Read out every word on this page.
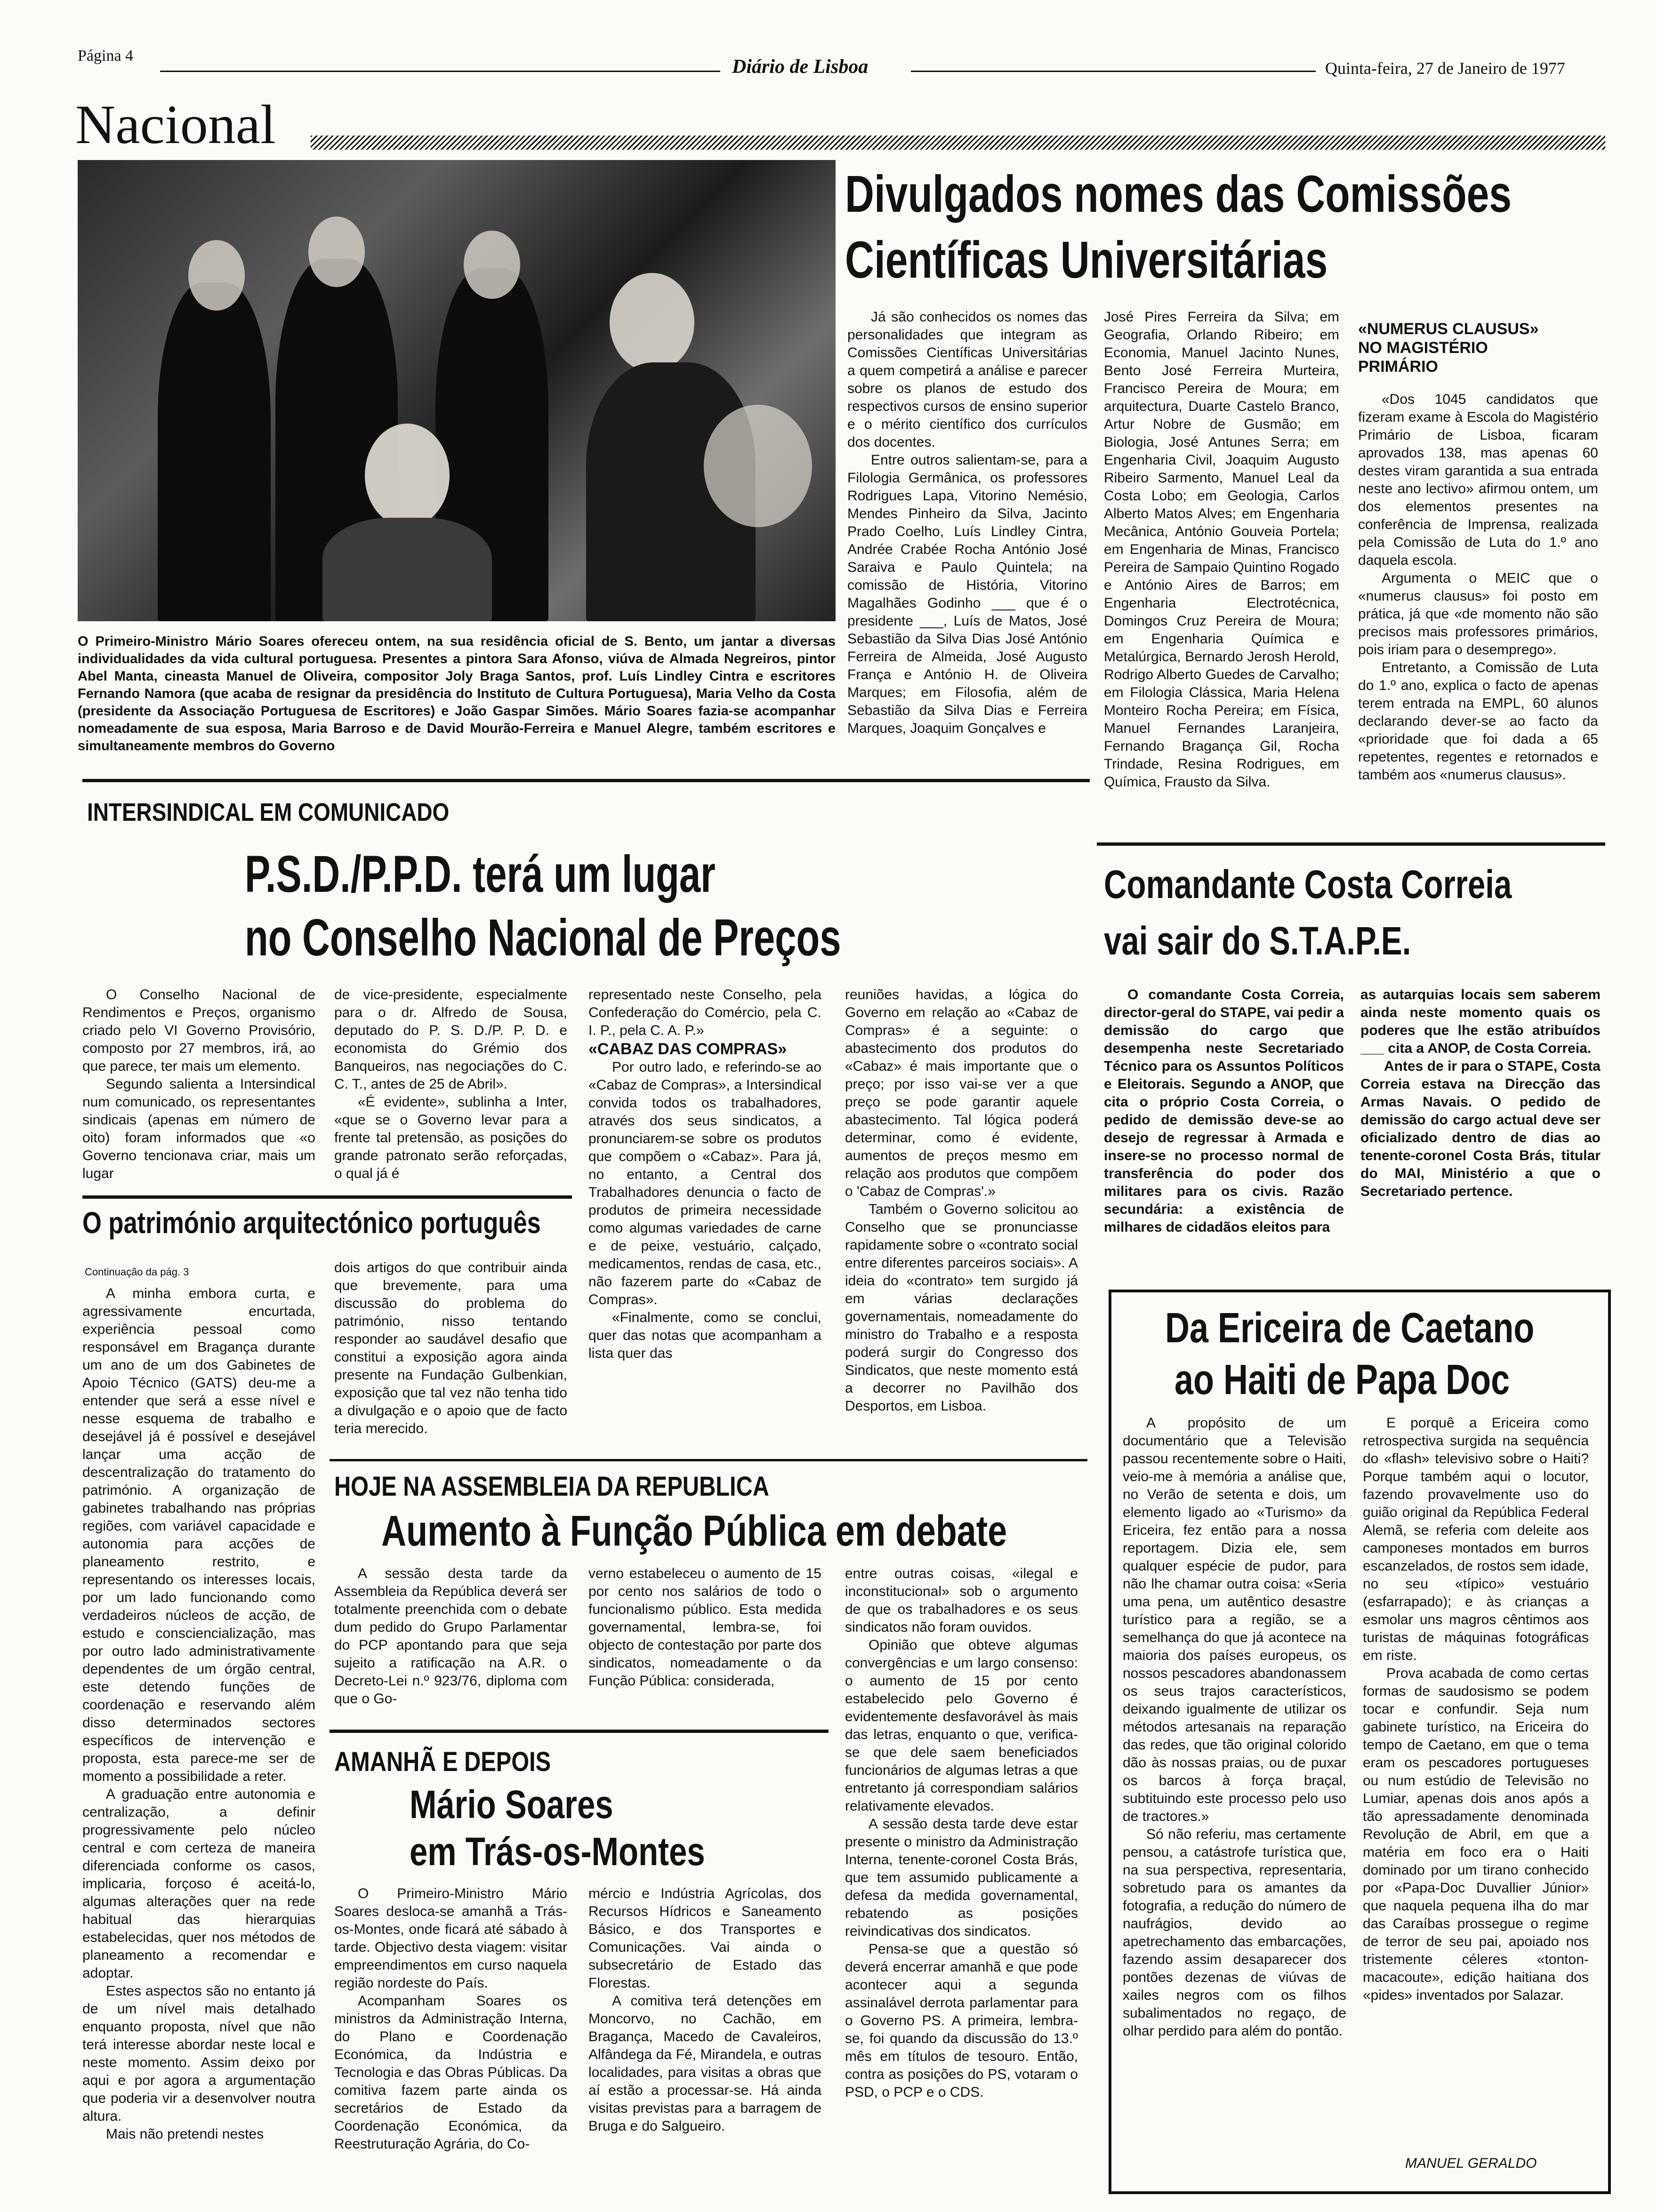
Página 4
Diário de Lisboa	Quinta-feira, 27 de Janeiro de 1977
Nacional
O Primeiro-Ministro Mário Soares ofereceu ontem, na sua residência oficial de S. Bento, um jantar a diversas individualidades da vida cultural portuguesa. Presentes a pintora Sara Afonso, viúva de Almada Negreiros, pintor Abel Manta, cineasta Manuel de Oliveira, compositor Joly Braga Santos, prof. Luís Lindley Cintra e escritores Fernando Namora (que acaba de resignar da presidência do Instituto de Cultura Portuguesa), Maria Velho da Costa (presidente da Associação Portuguesa de Escritores) e João Gaspar Simões. Mário Soares fazia-se acompanhar nomeadamente de sua esposa, Maria Barroso e de David Mourão-Ferreira e Manuel Alegre, também escritores e simultaneamente membros do Governo
Divulgados nomes das Comissões
Científicas Universitárias

Já são conhecidos os nomes das personalidades que integram as Comissões Científicas Universitárias a quem competirá a análise e parecer sobre os planos de estudo dos respectivos cursos de ensino superior e o mérito científico dos currículos dos docentes.

Entre outros salientam-se, para a Filologia Germânica, os professores Rodrigues Lapa, Vitorino Nemésio, Mendes Pinheiro da Silva, Jacinto Prado Coelho, Luís Lindley Cintra, Andrée Crabée Rocha António José Saraiva e Paulo Quintela; na comissão de História, Vitorino Magalhães Godinho ___ que é o presidente ___, Luís de Matos, José Sebastião da Silva Dias José António Ferreira de Almeida, José Augusto França e António H. de Oliveira Marques; em Filosofia, além de Sebastião da Silva Dias e Ferreira Marques, Joaquim Gonçalves e

José Pires Ferreira da Silva; em Geografia, Orlando Ribeiro; em Economia, Manuel Jacinto Nunes, Bento José Ferreira Murteira, Francisco Pereira de Moura; em arquitectura, Duarte Castelo Branco, Artur Nobre de Gusmão; em Biologia, José Antunes Serra; em Engenharia Civil, Joaquim Augusto Ribeiro Sarmento, Manuel Leal da Costa Lobo; em Geologia, Carlos Alberto Matos Alves; em Engenharia Mecânica, António Gouveia Portela; em Engenharia de Minas, Francisco Pereira de Sampaio Quintino Rogado e António Aires de Barros; em Engenharia Electrotécnica, Domingos Cruz Pereira de Moura; em Engenharia Química e Metalúrgica, Bernardo Jerosh Herold, Rodrigo Alberto Guedes de Carvalho; em Filologia Clássica, Maria Helena Monteiro Rocha Pereira; em Física, Manuel Fernandes Laranjeira, Fernando Bragança Gil, Rocha Trindade, Resina Rodrigues, em Química, Frausto da Silva.

«NUMERUS CLAUSUS»
NO MAGISTÉRIO
PRIMÁRIO

«Dos 1045 candidatos que fizeram exame à Escola do Magistério Primário de Lisboa, ficaram aprovados 138, mas apenas 60 destes viram garantida a sua entrada neste ano lectivo» afirmou ontem, um dos elementos presentes na conferência de Imprensa, realizada pela Comissão de Luta do 1.º ano daquela escola.

Argumenta o MEIC que o «numerus clausus» foi posto em prática, já que «de momento não são precisos mais professores primários, pois iriam para o desemprego».

Entretanto, a Comissão de Luta do 1.º ano, explica o facto de apenas terem entrada na EMPL, 60 alunos declarando dever-se ao facto da «prioridade que foi dada a 65 repetentes, regentes e retornados e também aos «numerus clausus».

INTERSINDICAL EM COMUNICADO
P.S.D./P.P.D. terá um lugar
no Conselho Nacional de Preços

O Conselho Nacional de Rendimentos e Preços, organismo criado pelo VI Governo Provisório, composto por 27 membros, irá, ao que parece, ter mais um elemento.

Segundo salienta a Intersindical num comunicado, os representantes sindicais (apenas em número de oito) foram informados que «o Governo tencionava criar, mais um lugar

de vice-presidente, especialmente para o dr. Alfredo de Sousa, deputado do P. S. D./P. P. D. e economista do Grémio dos Banqueiros, nas negociações do C. C. T., antes de 25 de Abril».

«É evidente», sublinha a Inter, «que se o Governo levar para a frente tal pretensão, as posições do grande patronato serão reforçadas, o qual já é

representado neste Conselho, pela Confederação do Comércio, pela C. I. P., pela C. A. P.»

«CABAZ DAS COMPRAS»

Por outro lado, e referindo-se ao «Cabaz de Compras», a Intersindical convida todos os trabalhadores, através dos seus sindicatos, a pronunciarem-se sobre os produtos que compõem o «Cabaz». Para já, no entanto, a Central dos Trabalhadores denuncia o facto de produtos de primeira necessidade como algumas variedades de carne e de peixe, vestuário, calçado, medicamentos, rendas de casa, etc., não fazerem parte do «Cabaz de Compras».

«Finalmente, como se conclui, quer das notas que acompanham a lista quer das

reuniões havidas, a lógica do Governo em relação ao «Cabaz de Compras» é a seguinte: o abastecimento dos produtos do «Cabaz» é mais importante que o preço; por isso vai-se ver a que preço se pode garantir aquele abastecimento. Tal lógica poderá determinar, como é evidente, aumentos de preços mesmo em relação aos produtos que compõem o 'Cabaz de Compras'.»

Também o Governo solicitou ao Conselho que se pronunciasse rapidamente sobre o «contrato social entre diferentes parceiros sociais». A ideia do «contrato» tem surgido já em várias declarações governamentais, nomeadamente do ministro do Trabalho e a resposta poderá surgir do Congresso dos Sindicatos, que neste momento está a decorrer no Pavilhão dos Desportos, em Lisboa.

Comandante Costa Correia
vai sair do S.T.A.P.E.

O comandante Costa Correia, director-geral do STAPE, vai pedir a demissão do cargo que desempenha neste Secretariado Técnico para os Assuntos Políticos e Eleitorais. Segundo a ANOP, que cita o próprio Costa Correia, o pedido de demissão deve-se ao desejo de regressar à Armada e insere-se no processo normal de transferência do poder dos militares para os civis. Razão secundária: a existência de milhares de cidadãos eleitos para

as autarquias locais sem saberem ainda neste momento quais os poderes que lhe estão atribuídos ___ cita a ANOP, de Costa Correia.

Antes de ir para o STAPE, Costa Correia estava na Direcção das Armas Navais. O pedido de demissão do cargo actual deve ser oficializado dentro de dias ao tenente-coronel Costa Brás, titular do MAI, Ministério a que o Secretariado pertence.

O património arquitectónico português
Continuação da pág. 3

A minha embora curta, e agressivamente encurtada, experiência pessoal como responsável em Bragança durante um ano de um dos Gabinetes de Apoio Técnico (GATS) deu-me a entender que será a esse nível e nesse esquema de trabalho e desejável já é possível e desejável lançar uma acção de descentralização do tratamento do património. A organização de gabinetes trabalhando nas próprias regiões, com variável capacidade e autonomia para acções de planeamento restrito, e representando os interesses locais, por um lado funcionando como verdadeiros núcleos de acção, de estudo e consciencialização, mas por outro lado administrativamente dependentes de um órgão central, este detendo funções de coordenação e reservando além disso determinados sectores específicos de intervenção e proposta, esta parece-me ser de momento a possibilidade a reter.

A graduação entre autonomia e centralização, a definir progressivamente pelo núcleo central e com certeza de maneira diferenciada conforme os casos, implicaria, forçoso é aceitá-lo, algumas alterações quer na rede habitual das hierarquias estabelecidas, quer nos métodos de planeamento a recomendar e adoptar.

Estes aspectos são no entanto já de um nível mais detalhado enquanto proposta, nível que não terá interesse abordar neste local e neste momento. Assim deixo por aqui e por agora a argumentação que poderia vir a desenvolver noutra altura.

Mais não pretendi nestes

dois artigos do que contribuir ainda que brevemente, para uma discussão do problema do património, nisso tentando responder ao saudável desafio que constitui a exposição agora ainda presente na Fundação Gulbenkian, exposição que tal vez não tenha tido a divulgação e o apoio que de facto teria merecido.

HOJE NA ASSEMBLEIA DA REPUBLICA
Aumento à Função Pública em debate

A sessão desta tarde da Assembleia da República deverá ser totalmente preenchida com o debate dum pedido do Grupo Parlamentar do PCP apontando para que seja sujeito a ratificação na A.R. o Decreto-Lei n.º 923/76, diploma com que o Go-

verno estabeleceu o aumento de 15 por cento nos salários de todo o funcionalismo público. Esta medida governamental, lembra-se, foi objecto de contestação por parte dos sindicatos, nomeadamente o da Função Pública: considerada,

entre outras coisas, «ilegal e inconstitucional» sob o argumento de que os trabalhadores e os seus sindicatos não foram ouvidos.

Opinião que obteve algumas convergências e um largo consenso: o aumento de 15 por cento estabelecido pelo Governo é evidentemente desfavorável às mais das letras, enquanto o que, verifica-se que dele saem beneficiados funcionários de algumas letras a que entretanto já correspondiam salários relativamente elevados.

A sessão desta tarde deve estar presente o ministro da Administração Interna, tenente-coronel Costa Brás, que tem assumido publicamente a defesa da medida governamental, rebatendo as posições reivindicativas dos sindicatos.

Pensa-se que a questão só deverá encerrar amanhã e que pode acontecer aqui a segunda assinalável derrota parlamentar para o Governo PS. A primeira, lembra-se, foi quando da discussão do 13.º mês em títulos de tesouro. Então, contra as posições do PS, votaram o PSD, o PCP e o CDS.

AMANHÃ E DEPOIS
Mário Soares
em Trás-os-Montes

O Primeiro-Ministro Mário Soares desloca-se amanhã a Trás-os-Montes, onde ficará até sábado à tarde. Objectivo desta viagem: visitar empreendimentos em curso naquela região nordeste do País.

Acompanham Soares os ministros da Administração Interna, do Plano e Coordenação Económica, da Indústria e Tecnologia e das Obras Públicas. Da comitiva fazem parte ainda os secretários de Estado da Coordenação Económica, da Reestruturação Agrária, do Co-

mércio e Indústria Agrícolas, dos Recursos Hídricos e Saneamento Básico, e dos Transportes e Comunicações. Vai ainda o subsecretário de Estado das Florestas.

A comitiva terá detenções em Moncorvo, no Cachão, em Bragança, Macedo de Cavaleiros, Alfândega da Fé, Mirandela, e outras localidades, para visitas a obras que aí estão a processar-se. Há ainda visitas previstas para a barragem de Bruga e do Salgueiro.

Da Ericeira de Caetano
ao Haiti de Papa Doc

A propósito de um documentário que a Televisão passou recentemente sobre o Haiti, veio-me à memória a análise que, no Verão de setenta e dois, um elemento ligado ao «Turismo» da Ericeira, fez então para a nossa reportagem. Dizia ele, sem qualquer espécie de pudor, para não lhe chamar outra coisa: «Seria uma pena, um autêntico desastre turístico para a região, se a semelhança do que já acontece na maioria dos países europeus, os nossos pescadores abandonassem os seus trajos característicos, deixando igualmente de utilizar os métodos artesanais na reparação das redes, que tão original colorido dão às nossas praias, ou de puxar os barcos à força braçal, subtituindo este processo pelo uso de tractores.»

Só não referiu, mas certamente pensou, a catástrofe turística que, na sua perspectiva, representaria, sobretudo para os amantes da fotografia, a redução do número de naufrágios, devido ao apetrechamento das embarcações, fazendo assim desaparecer dos pontões dezenas de viúvas de xailes negros com os filhos subalimentados no regaço, de olhar perdido para além do pontão.

E porquê a Ericeira como retrospectiva surgida na sequência do «flash» televisivo sobre o Haiti? Porque também aqui o locutor, fazendo provavelmente uso do guião original da República Federal Alemã, se referia com deleite aos camponeses montados em burros escanzelados, de rostos sem idade, no seu «típico» vestuário (esfarrapado); e às crianças a esmolar uns magros cêntimos aos turistas de máquinas fotográficas em riste.

Prova acabada de como certas formas de saudosismo se podem tocar e confundir. Seja num gabinete turístico, na Ericeira do tempo de Caetano, em que o tema eram os pescadores portugueses ou num estúdio de Televisão no Lumiar, apenas dois anos após a tão apressadamente denominada Revolução de Abril, em que a matéria em foco era o Haiti dominado por um tirano conhecido por «Papa-Doc Duvallier Júnior» que naquela pequena ilha do mar das Caraíbas prossegue o regime de terror de seu pai, apoiado nos tristemente céleres «tonton-macacoute», edição haitiana dos «pides» inventados por Salazar.

MANUEL GERALDO
